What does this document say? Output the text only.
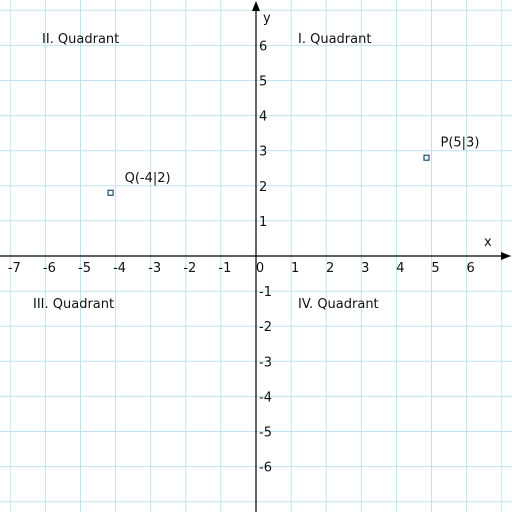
-7 -6 -5 -4 -3 -2 -1 0 1 2 3 4 5 6
6
5
4
3
2
1
-1
-2
-3
-4
-5
-6
y
x
II. Quadrant	I. Quadrant
III. Quadrant	IV. Quadrant
P(5|3)
Q(-4|2)
